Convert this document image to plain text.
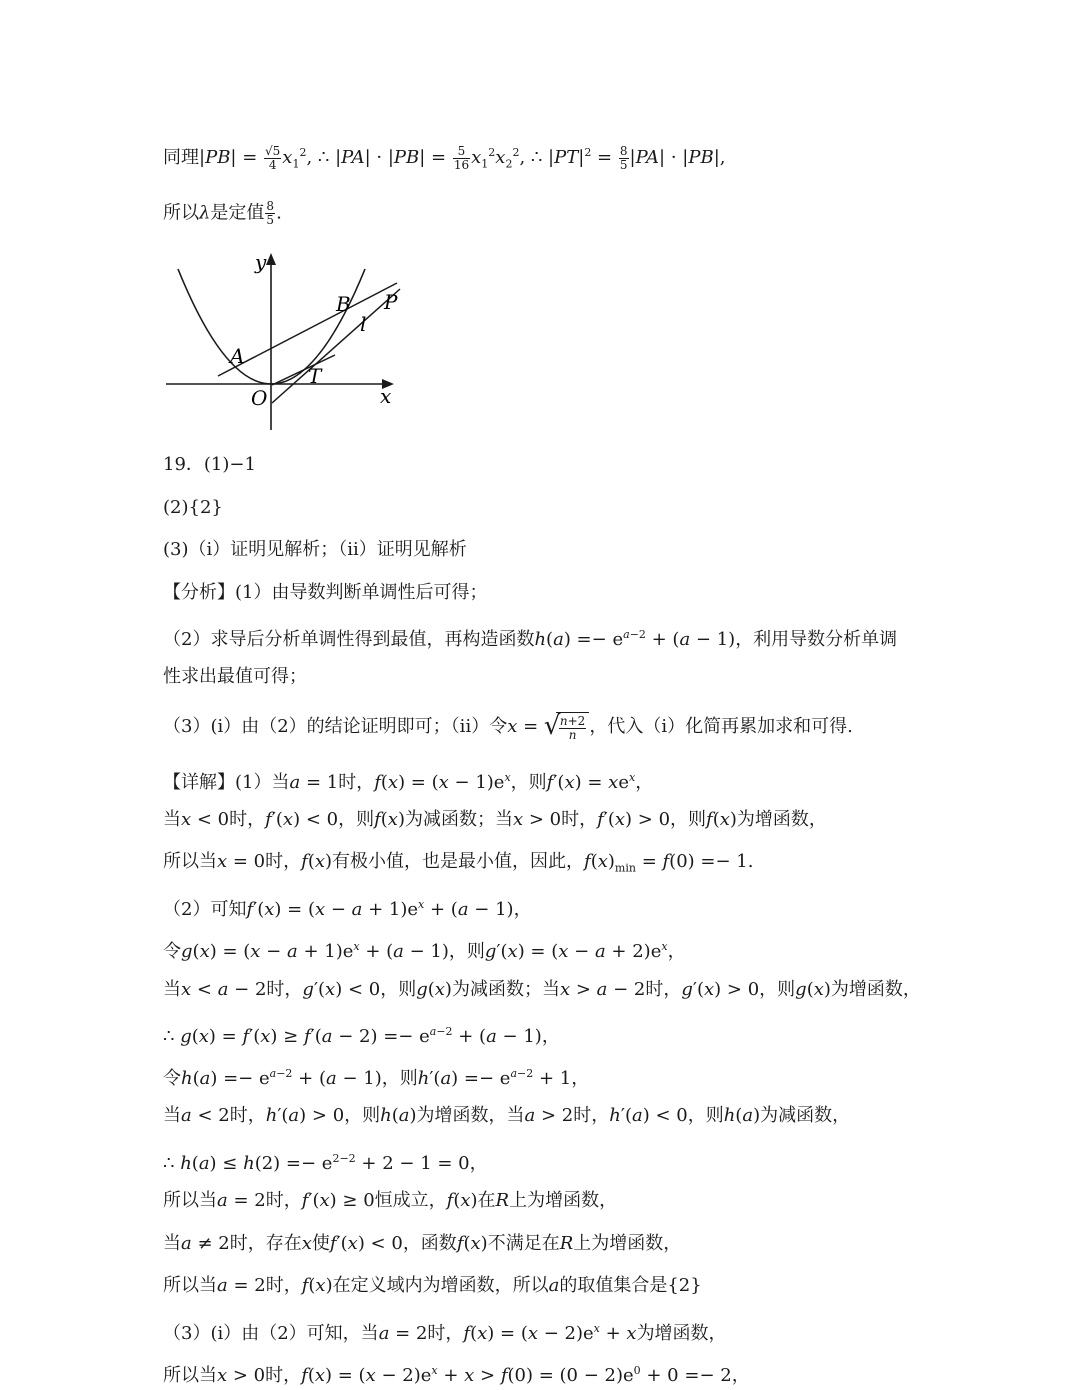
同理$|PB| = \frac{√5}{4} x_1^2$, ∴ $|PA| \cdot |PB| = \frac{5}{16} x_1^2x_2^2$, ∴ $|PT|^2 = \frac{8}{5} |PA| \cdot |PB|$,
所以λ是定值 $\frac{8}{5}$ .
y
x
O
A
B P
T
l
19．(1)−1
(2){2}
(3)（i）证明见解析；（ii）证明见解析
【分析】(1）由导数判断单调性后可得；
（2）求导后分析单调性得到最值，再构造函数$h(a) =- e^{a-2} + (a - 1)$，利用导数分析单调
性求出最值可得；
（3）(i）由（2）的结论证明即可；（ii）令x = √
$\frac{n+2}{n}$ ，代入（i）化简再累加求和可得.
【详解】(1）当a = 1时，$f(x) = (x - 1)e^x$，则$f'(x) = xe^x$，
当x < 0时，f′(x) < 0，则f(x)为减函数；当x > 0时，f′(x) > 0，则f(x)为增函数，
所以当x = 0时，f(x)有极小值，也是最小值，因此，$f(x)_{min} = f(0) =- 1$.
（2）可知$f'(x) = (x - a + 1)e^x + (a - 1)$，
令$g(x) = (x - a + 1)e^x + (a - 1)$，则$g'(x) = (x - a + 2)e^x$，
当x < a − 2时，g′(x) < 0，则g(x)为减函数；当x > a − 2时，g′(x) > 0，则g(x)为增函数，
∴ $g(x) = f'(x) \ge f'(a - 2) =- e^{a-2} + (a - 1)$，
令$h(a) =- e^{a-2} + (a - 1)$，则$h'(a) =- e^{a-2} + 1$，
当a < 2时，h′(a) > 0，则h(a)为增函数，当a > 2时，h′(a) < 0，则h(a)为减函数，
∴ $h(a) \le h(2) =- e^{2-2} + 2 - 1 = 0$，
所以当a = 2时，f′(x) ≥ 0恒成立，f(x)在R上为增函数，
当a ≠ 2时，存在x使f′(x) < 0，函数f(x)不满足在R上为增函数，
所以当a = 2时，f(x)在定义域内为增函数，所以a的取值集合是{2}
（3）(i）由（2）可知，当a = 2时，$f(x) = (x - 2)e^x + x$为增函数，
所以当x > 0时，$f(x) = (x - 2)e^x + x > f(0) = (0 - 2)e^0 + 0 =- 2$，
